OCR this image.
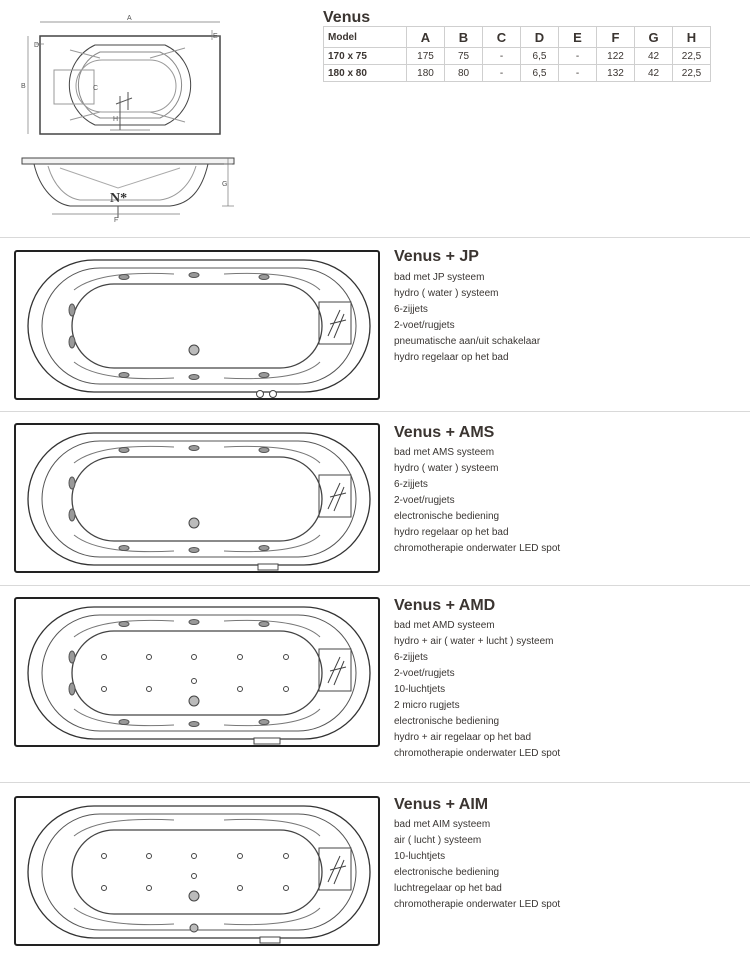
A
B	C
D
E
H
N*
F
G
Venus
Model	A	B	C	D	E	F	G	H
170 x 75	175	75	-	6,5	-	122	42	22,5
180 x 80	180	80	-	6,5	-	132	42	22,5
Venus + JP
bad met JP systeem
hydro ( water ) systeem
6-zijjets
2-voet/rugjets
pneumatische aan/uit schakelaar
hydro regelaar op het bad
Venus + AMS
bad met AMS systeem
hydro ( water ) systeem
6-zijjets
2-voet/rugjets
electronische bediening
hydro regelaar op het bad
chromotherapie onderwater LED spot
Venus + AMD
bad met AMD systeem
hydro + air ( water + lucht ) systeem
6-zijjets
2-voet/rugjets
10-luchtjets
2 micro rugjets
electronische bediening
hydro + air regelaar op het bad
chromotherapie onderwater LED spot
Venus + AIM
bad met AIM systeem
air ( lucht ) systeem
10-luchtjets
electronische bediening
luchtregelaar op het bad
chromotherapie onderwater LED spot
